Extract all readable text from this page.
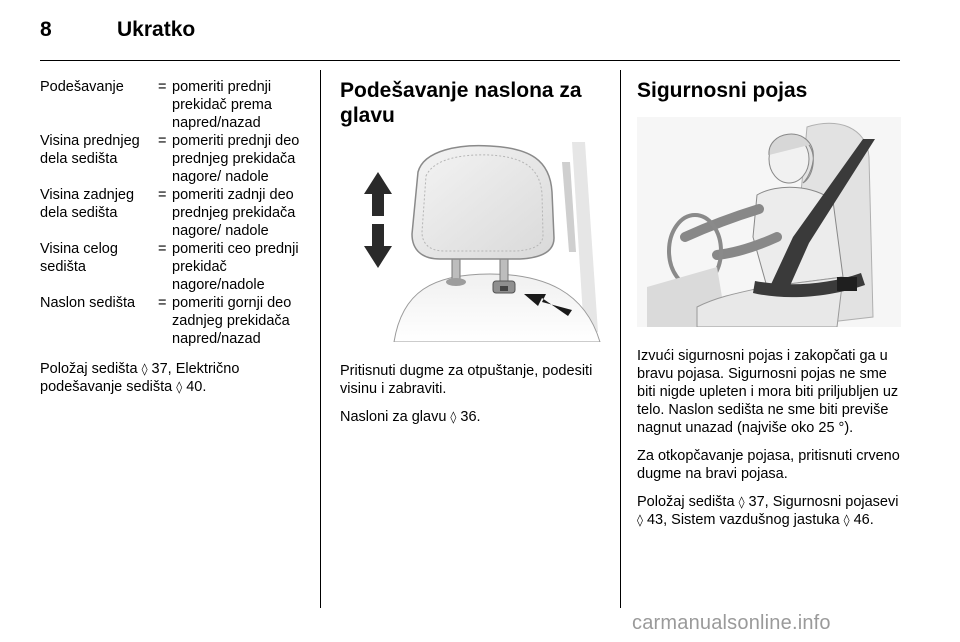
8	Ukratko
Podešavanje	= pomeriti prednji prekidač prema napred/nazad
Visina prednjeg dela sedišta
= pomeriti prednji deo prednjeg prekidača nagore/ nadole
Visina zadnjeg dela sedišta
= pomeriti zadnji deo prednjeg prekidača nagore/ nadole
Visina celog sedišta
= pomeriti ceo prednji prekidač nagore/nadole
Naslon sedišta	= pomeriti gornji deo zadnjeg prekidača napred/nazad

Položaj sedišta ◊ 37, Električno podešavanje sedišta ◊ 40.

Podešavanje naslona za glavu

Pritisnuti dugme za otpuštanje, podesiti visinu i zabraviti.

Nasloni za glavu ◊ 36.

Sigurnosni pojas

Izvući sigurnosni pojas i zakopčati ga u bravu pojasa. Sigurnosni pojas ne sme biti nigde upleten i mora biti priljubljen uz telo. Naslon sedišta ne sme biti previše nagnut unazad (najviše oko 25 °).

Za otkopčavanje pojasa, pritisnuti crveno dugme na bravi pojasa.

Položaj sedišta ◊ 37, Sigurnosni pojasevi ◊ 43, Sistem vazdušnog jastuka ◊ 46.

carmanualsonline.info
